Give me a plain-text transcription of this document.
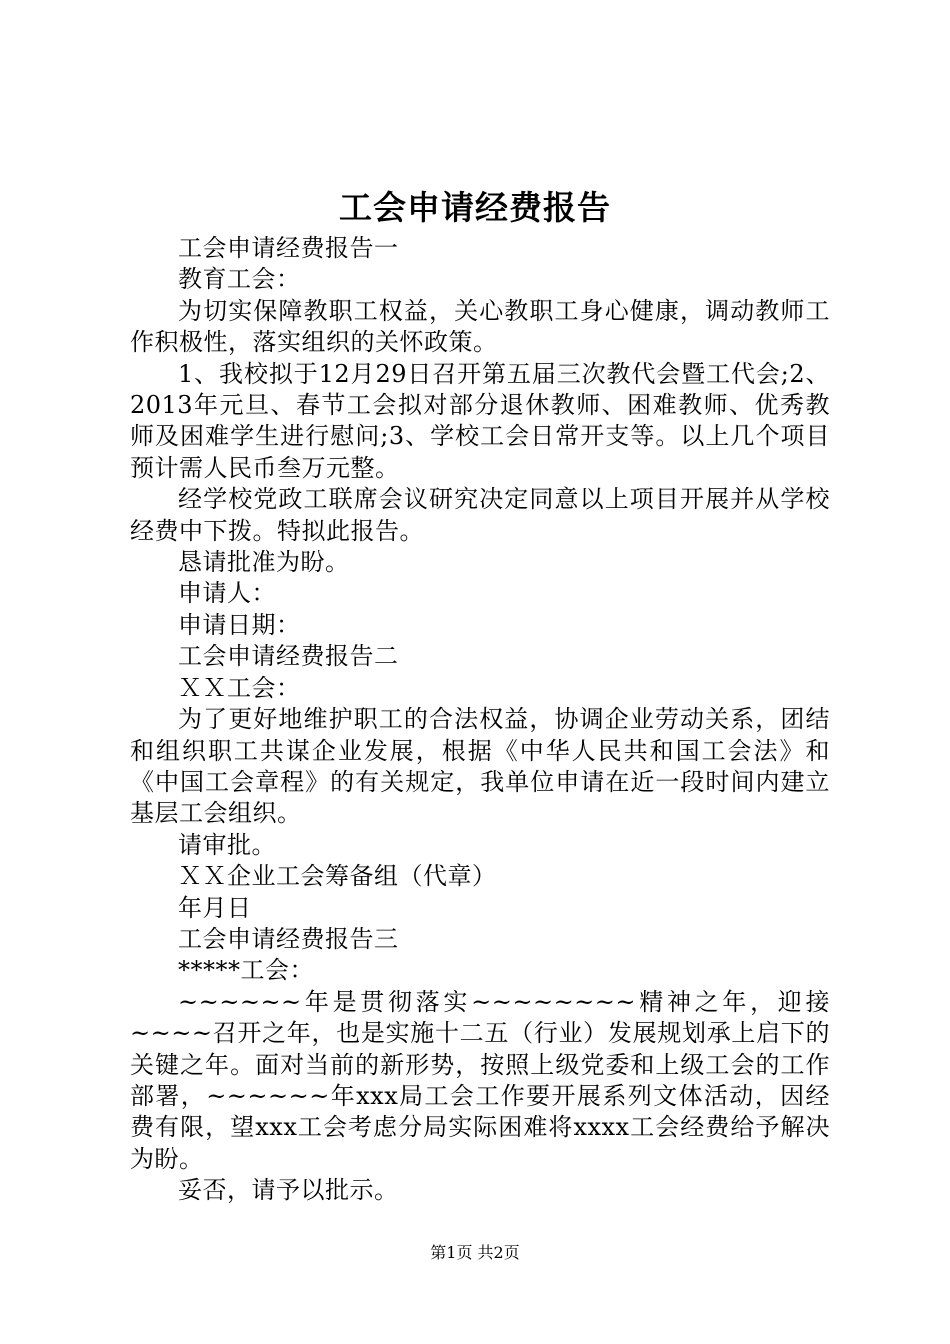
工会申请经费报告

工会申请经费报告一

教育工会：

为切实保障教职工权益，关心教职工身心健康，调动教师工作积极性，落实组织的关怀政策。

1、我校拟于12月29日召开第五届三次教代会暨工代会;2、2013年元旦、春节工会拟对部分退休教师、困难教师、优秀教师及困难学生进行慰问;3、学校工会日常开支等。以上几个项目预计需人民币叁万元整。

经学校党政工联席会议研究决定同意以上项目开展并从学校经费中下拨。特拟此报告。

恳请批准为盼。

申请人：

申请日期：

工会申请经费报告二

ＸＸ工会：

为了更好地维护职工的合法权益，协调企业劳动关系，团结和组织职工共谋企业发展，根据《中华人民共和国工会法》和《中国工会章程》的有关规定，我单位申请在近一段时间内建立基层工会组织。

请审批。

ＸＸ企业工会筹备组（代章）

年月日

工会申请经费报告三

*****工会：

~~~~~~年是贯彻落实~~~~~~~~精神之年，迎接~~~~召开之年，也是实施十二五（行业）发展规划承上启下的关键之年。面对当前的新形势，按照上级党委和上级工会的工作部署，~~~~~~年xxx局工会工作要开展系列文体活动，因经费有限，望xxx工会考虑分局实际困难将xxxx工会经费给予解决为盼。

妥否，请予以批示。

第1页 共2页
